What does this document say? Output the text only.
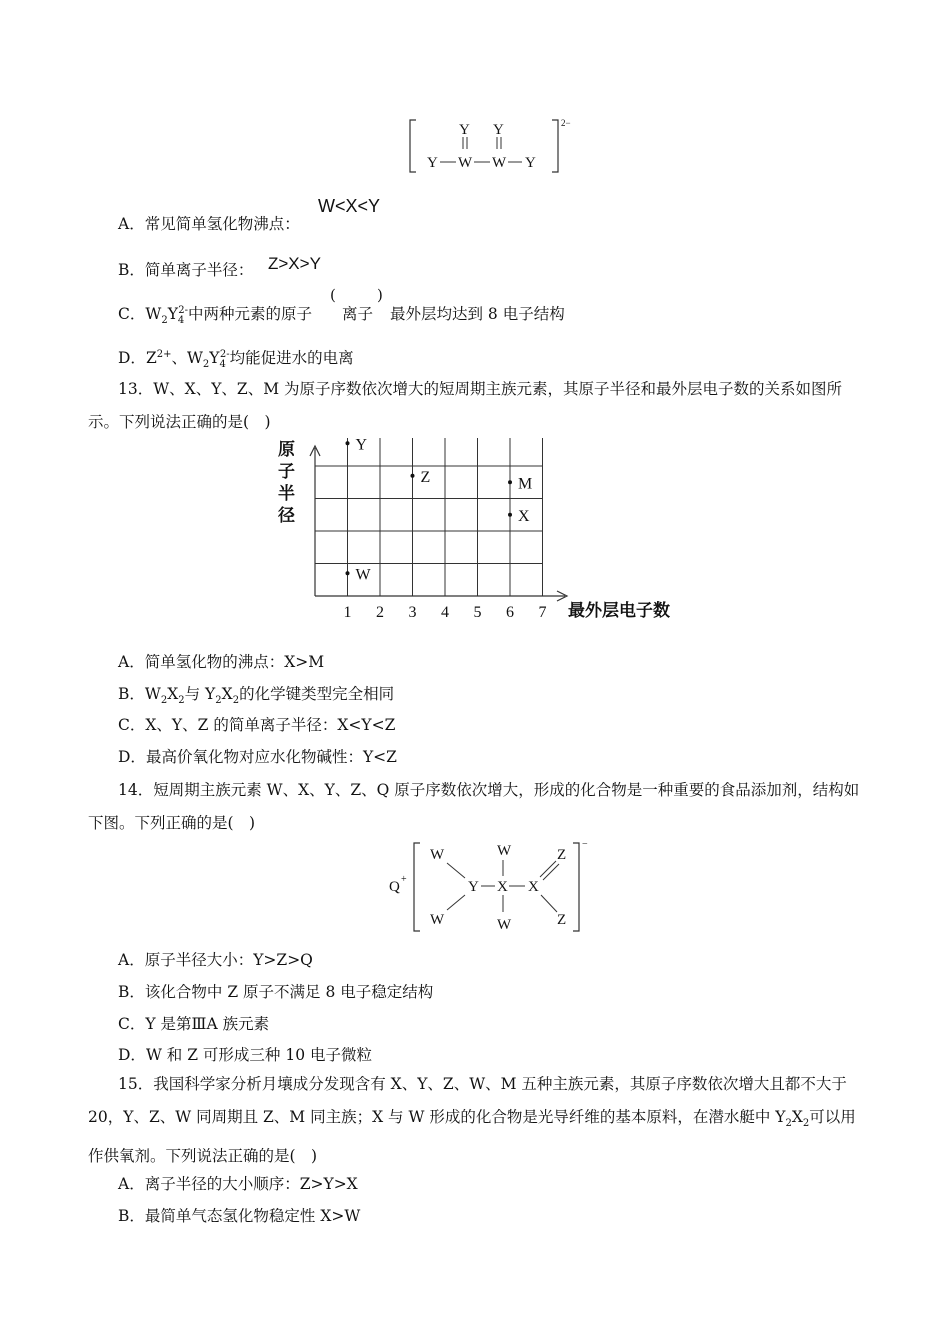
Y Y
Y W W Y
2−
A．常见简单氢化物沸点：
W<X<Y
B．简单离子半径： Z>X>Y
C．$W_2Y_4^{2-}$中两种元素的原子
(
离子
)
最外层均达到 8 电子结构
D．$Z^{2+}$、$W_2Y_4^{2-}$均能促进水的电离
13．W、X、Y、Z、M 为原子序数依次增大的短周期主族元素，其原子半径和最外层电子数的关系如图所示。下列说法正确的是(　)
原
子
半
径
1 2 3 4 5 6 7
Y
Z	M
X
W
最外层电子数
A．简单氢化物的沸点：X>M
B．$W_2X_2$与 $Y_2X_2$的化学键类型完全相同
C．X、Y、Z 的简单离子半径：X<Y<Z
D．最高价氧化物对应水化物碱性：Y<Z
14．短周期主族元素 W、X、Y、Z、Q 原子序数依次增大，形成的化合物是一种重要的食品添加剂，结构如下图。下列正确的是(　)
Q +
W
W
Y X
W
W
X
Z
Z
−
A．原子半径大小：Y>Z>Q
B．该化合物中 Z 原子不满足 8 电子稳定结构
C．Y 是第ⅢA 族元素
D．W 和 Z 可形成三种 10 电子微粒
15．我国科学家分析月壤成分发现含有 X、Y、Z、W、M 五种主族元素，其原子序数依次增大且都不大于 20，Y、Z、W 同周期且 Z、M 同主族；X 与 W 形成的化合物是光导纤维的基本原料，在潜水艇中 $Y_2X_2$可以用作供氧剂。下列说法正确的是(　)
A．离子半径的大小顺序：Z>Y>X
B．最简单气态氢化物稳定性 X>W
